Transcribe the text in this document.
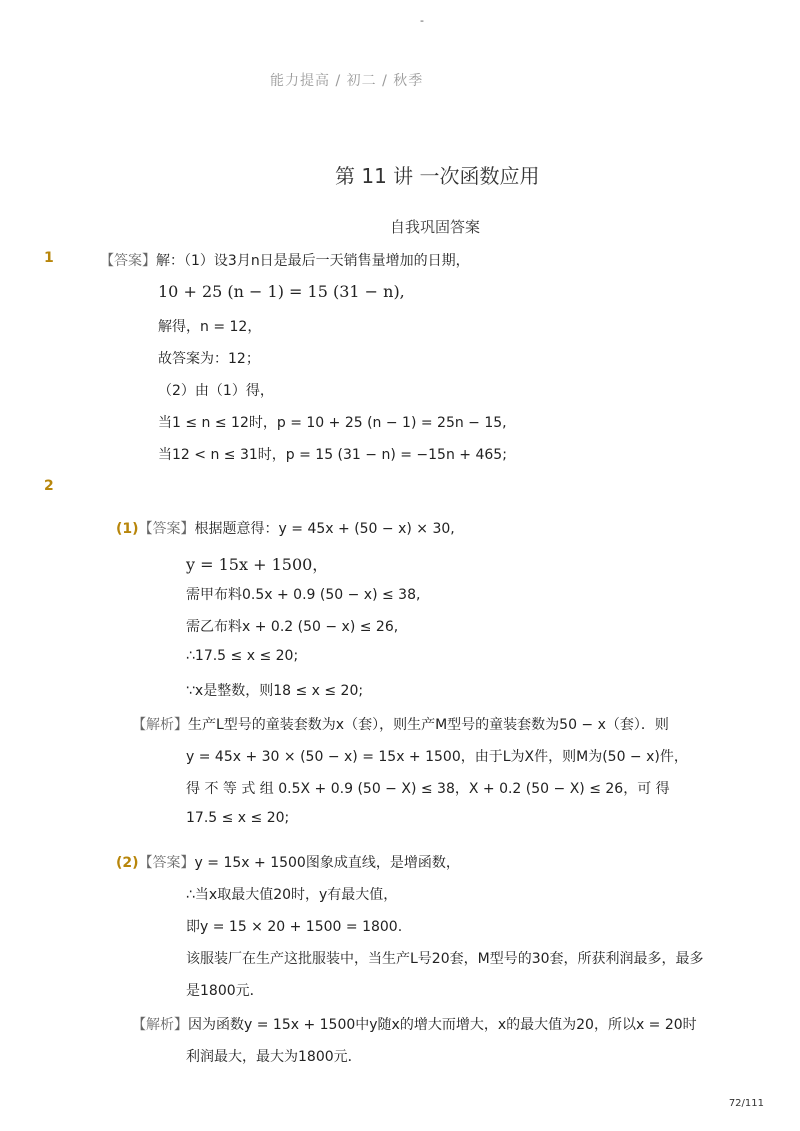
-
能力提高 / 初二 / 秋季
第 11 讲 一次函数应用
自我巩固答案
1	【答案】解：（1）设3月n日是最后一天销售量增加的日期，
10 + 25 (n − 1) = 15 (31 − n),
解得，n = 12，
故答案为：12；
（2）由（1）得，
当1 ≤ n ≤ 12时，p = 10 + 25 (n − 1) = 25n − 15,
当12 < n ≤ 31时，p = 15 (31 − n) = −15n + 465;
2
(1)【答案】根据题意得：y = 45x + (50 − x) × 30,
y = 15x + 1500，
需甲布料0.5x + 0.9 (50 − x) ≤ 38,
需乙布料x + 0.2 (50 − x) ≤ 26,
∴17.5 ≤ x ≤ 20;
∵x是整数，则18 ≤ x ≤ 20;
【解析】生产L型号的童装套数为x（套），则生产M型号的童装套数为50 − x（套）．则
y = 45x + 30 × (50 − x) = 15x + 1500，由于L为X件，则M为(50 − x)件，
得 不 等 式 组 0.5X + 0.9 (50 − X) ≤ 38，X + 0.2 (50 − X) ≤ 26，可 得
17.5 ≤ x ≤ 20;
(2)【答案】y = 15x + 1500图象成直线，是增函数，
∴当x取最大值20时，y有最大值，
即y = 15 × 20 + 1500 = 1800.
该服装厂在生产这批服装中，当生产L号20套，M型号的30套，所获利润最多，最多
是1800元．
【解析】因为函数y = 15x + 1500中y随x的增大而增大，x的最大值为20，所以x = 20时
利润最大，最大为1800元．
72/111
